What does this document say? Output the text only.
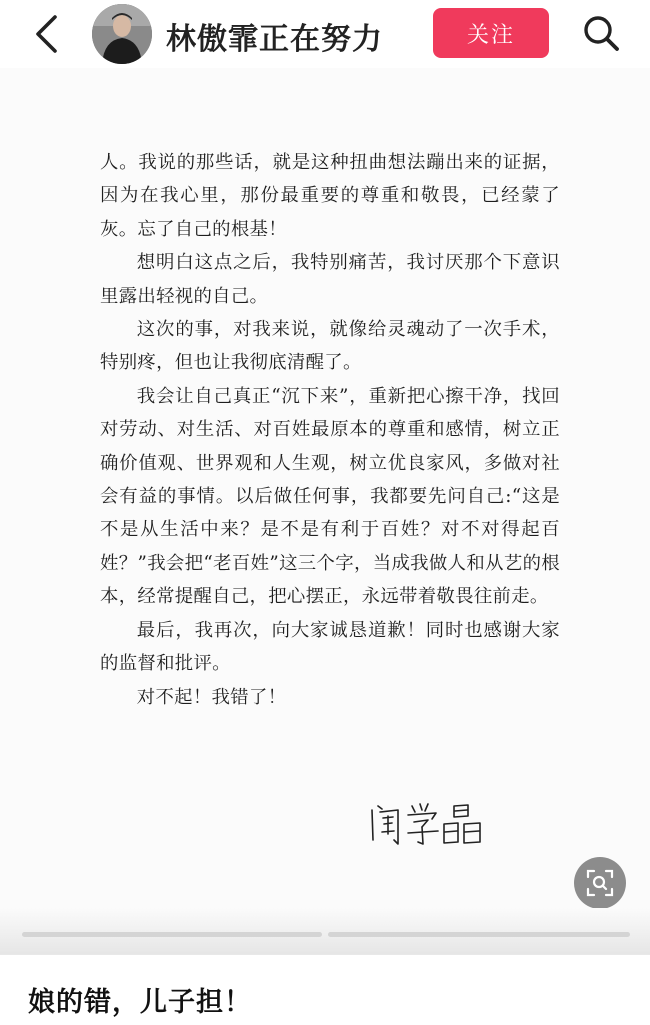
林傲霏正在努力	关注

人。我说的那些话，就是这种扭曲想法蹦出来的证据，因为在我心里，那份最重要的尊重和敬畏，已经蒙了灰。忘了自己的根基！

想明白这点之后，我特别痛苦，我讨厌那个下意识里露出轻视的自己。

这次的事，对我来说，就像给灵魂动了一次手术，特别疼，但也让我彻底清醒了。

我会让自己真正“沉下来”，重新把心擦干净，找回对劳动、对生活、对百姓最原本的尊重和感情，树立正确价值观、世界观和人生观，树立优良家风，多做对社会有益的事情。以后做任何事，我都要先问自己:“这是不是从生活中来？是不是有利于百姓？对不对得起百姓？”我会把“老百姓”这三个字，当成我做人和从艺的根本，经常提醒自己，把心摆正，永远带着敬畏往前走。

最后，我再次，向大家诚恳道歉！同时也感谢大家的监督和批评。

对不起！我错了！

娘的错，儿子担！
